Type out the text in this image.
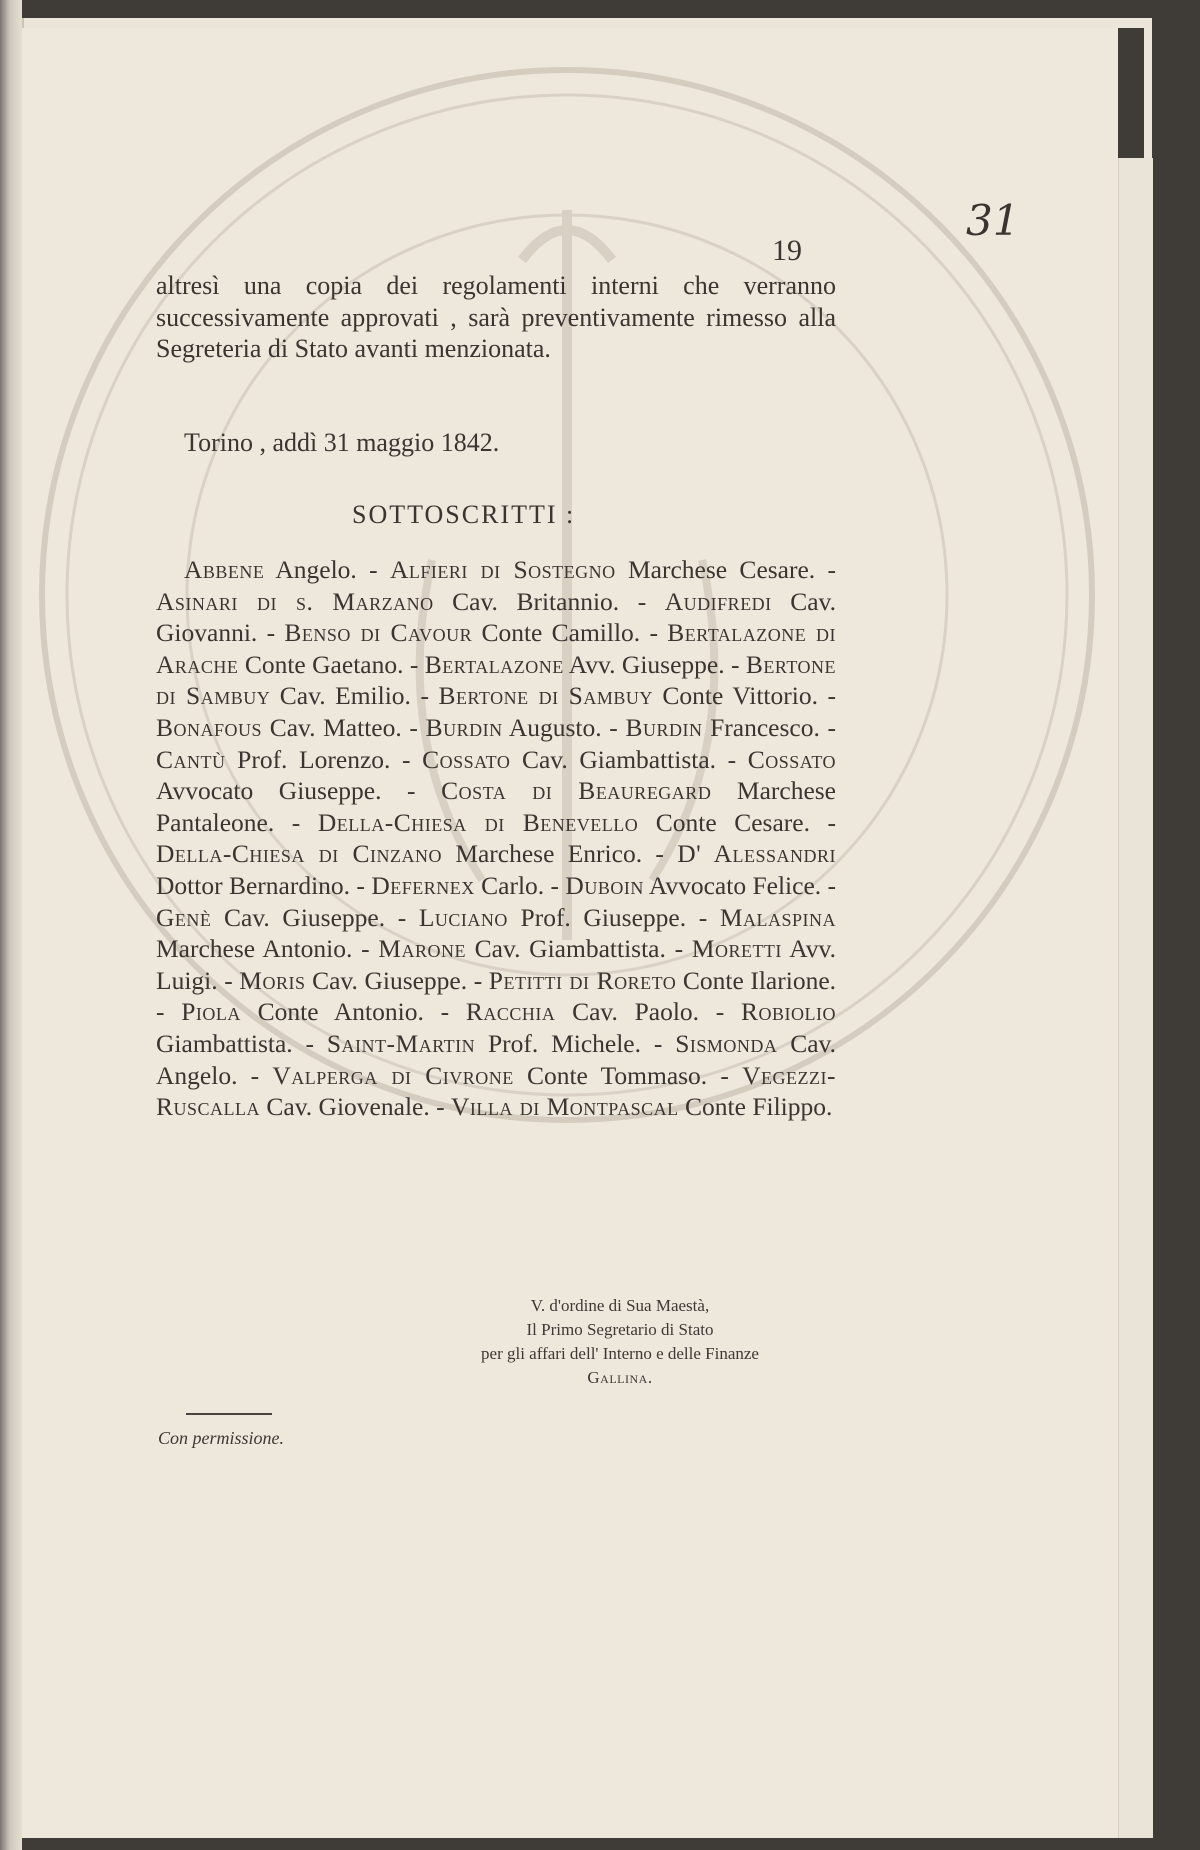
31
19
altresì una copia dei regolamenti interni che verranno successivamente approvati , sarà preventivamente rimesso alla Segreteria di Stato avanti menzionata.
Torino , addì 31 maggio 1842.
SOTTOSCRITTI :

Abbene Angelo. - Alfieri di Sostegno Marchese Cesare. - Asinari di s. Marzano Cav. Britannio. - Audifredi Cav. Giovanni. - Benso di Cavour Conte Camillo. - Bertalazone di Arache Conte Gaetano. - Bertalazone Avv. Giuseppe. - Bertone di Sambuy Cav. Emilio. - Bertone di Sambuy Conte Vittorio. - Bonafous Cav. Matteo. - Burdin Augusto. - Burdin Francesco. - Cantù Prof. Lorenzo. - Cossato Cav. Giambattista. - Cossato Avvocato Giuseppe. - Costa di Beauregard Marchese Pantaleone. - Della-Chiesa di Benevello Conte Cesare. - Della-Chiesa di Cinzano Marchese Enrico. - D' Alessandri Dottor Bernardino. - Defernex Carlo. - Duboin Avvocato Felice. - Genè Cav. Giuseppe. - Luciano Prof. Giuseppe. - Malaspina Marchese Antonio. - Marone Cav. Giambattista. - Moretti Avv. Luigi. - Moris Cav. Giuseppe. - Petitti di Roreto Conte Ilarione. - Piola Conte Antonio. - Racchia Cav. Paolo. - Robiolio Giambattista. - Saint-Martin Prof. Michele. - Sismonda Cav. Angelo. - Valperga di Civrone Conte Tommaso. - Vegezzi-Ruscalla Cav. Giovenale. - Villa di Montpascal Conte Filippo.

V. d'ordine di Sua Maestà,
Il Primo Segretario di Stato
per gli affari dell' Interno e delle Finanze
Gallina.
Con permissione.
